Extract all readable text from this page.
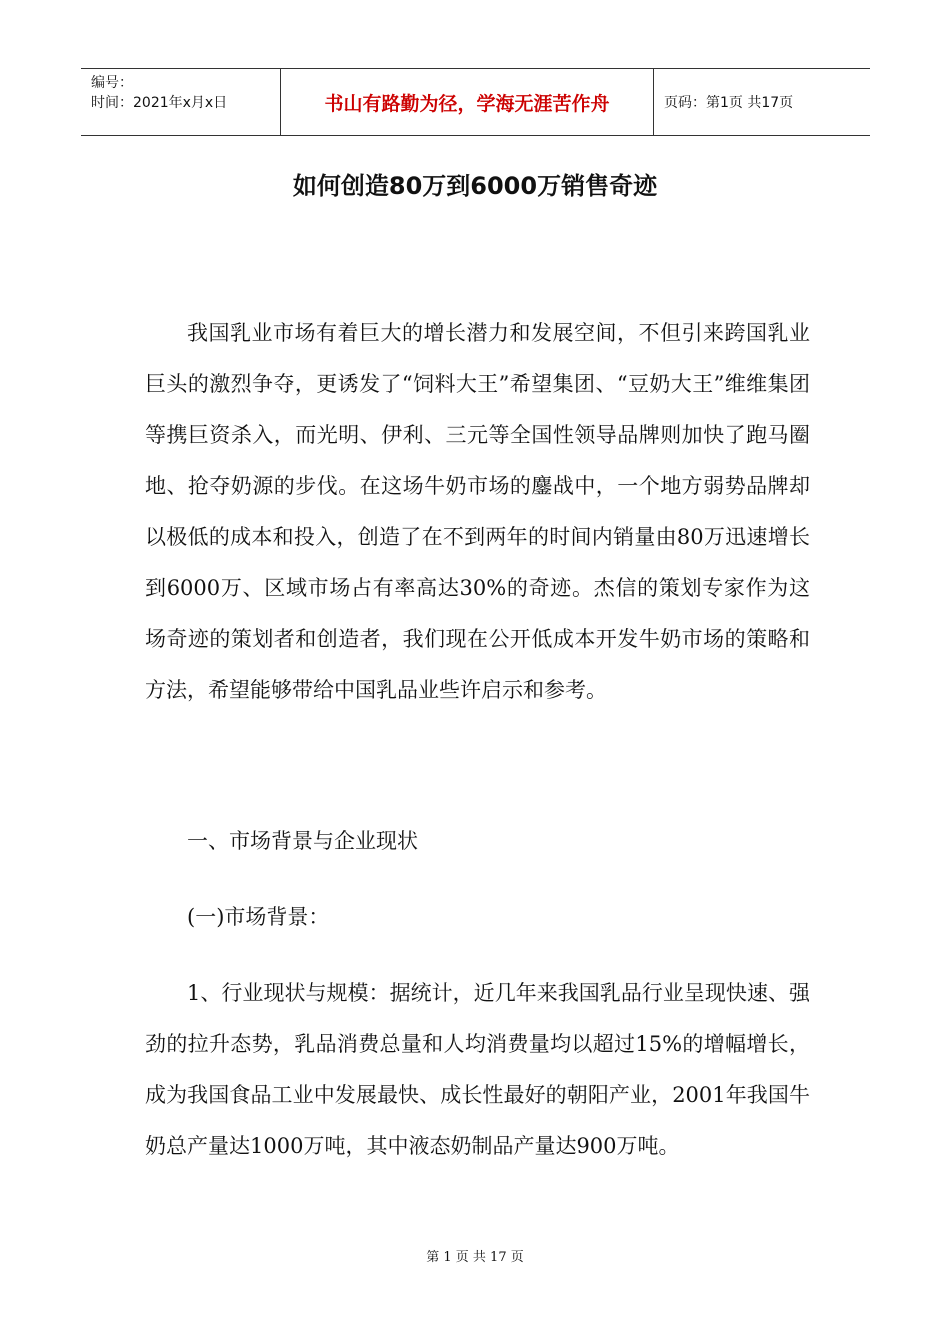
编号：
时间：2021年x月x日	书山有路勤为径，学海无涯苦作舟	页码：第1页 共17页
如何创造80万到6000万销售奇迹

我国乳业市场有着巨大的增长潜力和发展空间，不但引来跨国乳业巨头的激烈争夺，更诱发了“饲料大王”希望集团、“豆奶大王”维维集团等携巨资杀入，而光明、伊利、三元等全国性领导品牌则加快了跑马圈地、抢夺奶源的步伐。在这场牛奶市场的鏖战中，一个地方弱势品牌却以极低的成本和投入，创造了在不到两年的时间内销量由80万迅速增长到6000万、区域市场占有率高达30%的奇迹。杰信的策划专家作为这场奇迹的策划者和创造者，我们现在公开低成本开发牛奶市场的策略和方法，希望能够带给中国乳品业些许启示和参考。

一、市场背景与企业现状

(一)市场背景：

1、行业现状与规模：据统计，近几年来我国乳品行业呈现快速、强劲的拉升态势，乳品消费总量和人均消费量均以超过15%的增幅增长，成为我国食品工业中发展最快、成长性最好的朝阳产业，2001年我国牛奶总产量达1000万吨，其中液态奶制品产量达900万吨。

第 1 页 共 17 页
